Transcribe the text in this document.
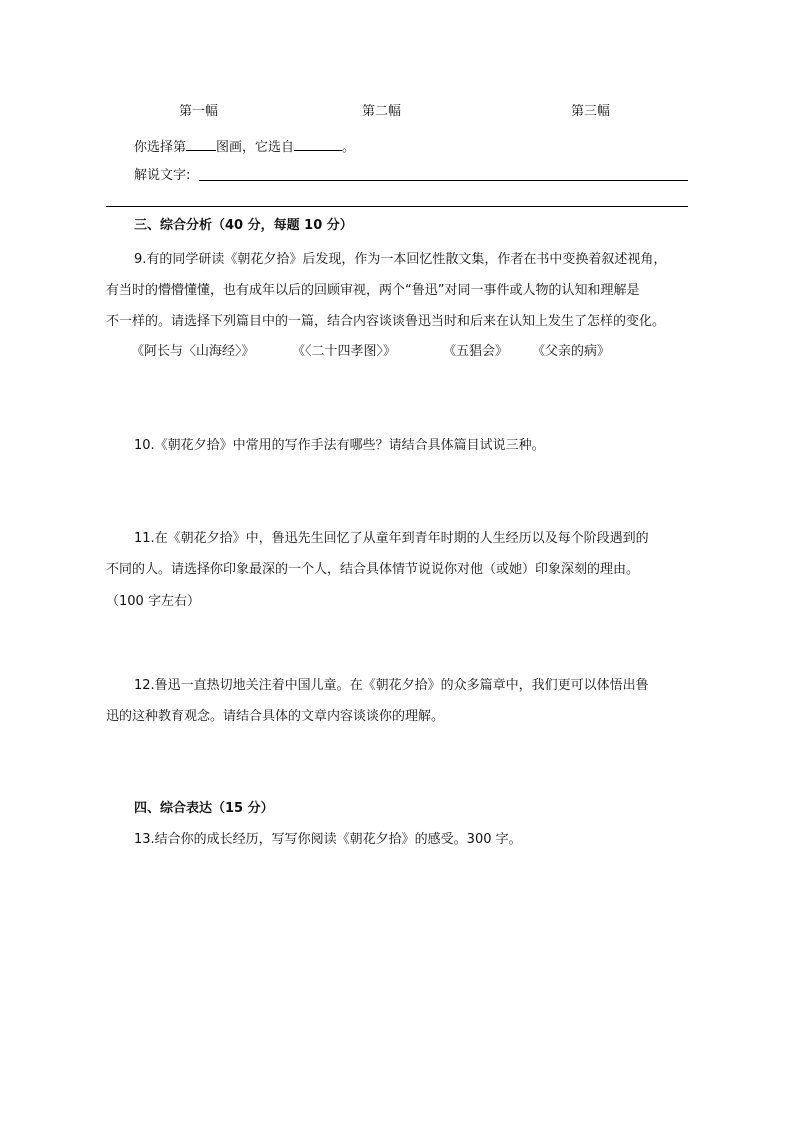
第一幅	第二幅	第三幅
你选择第 图画，它选自	。
解说文字:
三、综合分析（40 分，每题 10 分）
9.有的同学研读《朝花夕拾》后发现，作为一本回忆性散文集，作者在书中变换着叙述视角，
有当时的懵懵懂懂，也有成年以后的回顾审视，两个“鲁迅”对同一事件或人物的认知和理解是
不一样的。请选择下列篇目中的一篇，结合内容谈谈鲁迅当时和后来在认知上发生了怎样的变化。
《阿长与〈山海经〉》	《〈二十四孝图〉》	《五猖会》 《父亲的病》
10.《朝花夕拾》中常用的写作手法有哪些？请结合具体篇目试说三种。
11.在《朝花夕拾》中，鲁迅先生回忆了从童年到青年时期的人生经历以及每个阶段遇到的
不同的人。请选择你印象最深的一个人，结合具体情节说说你对他（或她）印象深刻的理由。
（100 字左右）
12.鲁迅一直热切地关注着中国儿童。在《朝花夕拾》的众多篇章中，我们更可以体悟出鲁
迅的这种教育观念。请结合具体的文章内容谈谈你的理解。
四、综合表达（15 分）
13.结合你的成长经历，写写你阅读《朝花夕拾》的感受。300 字。
